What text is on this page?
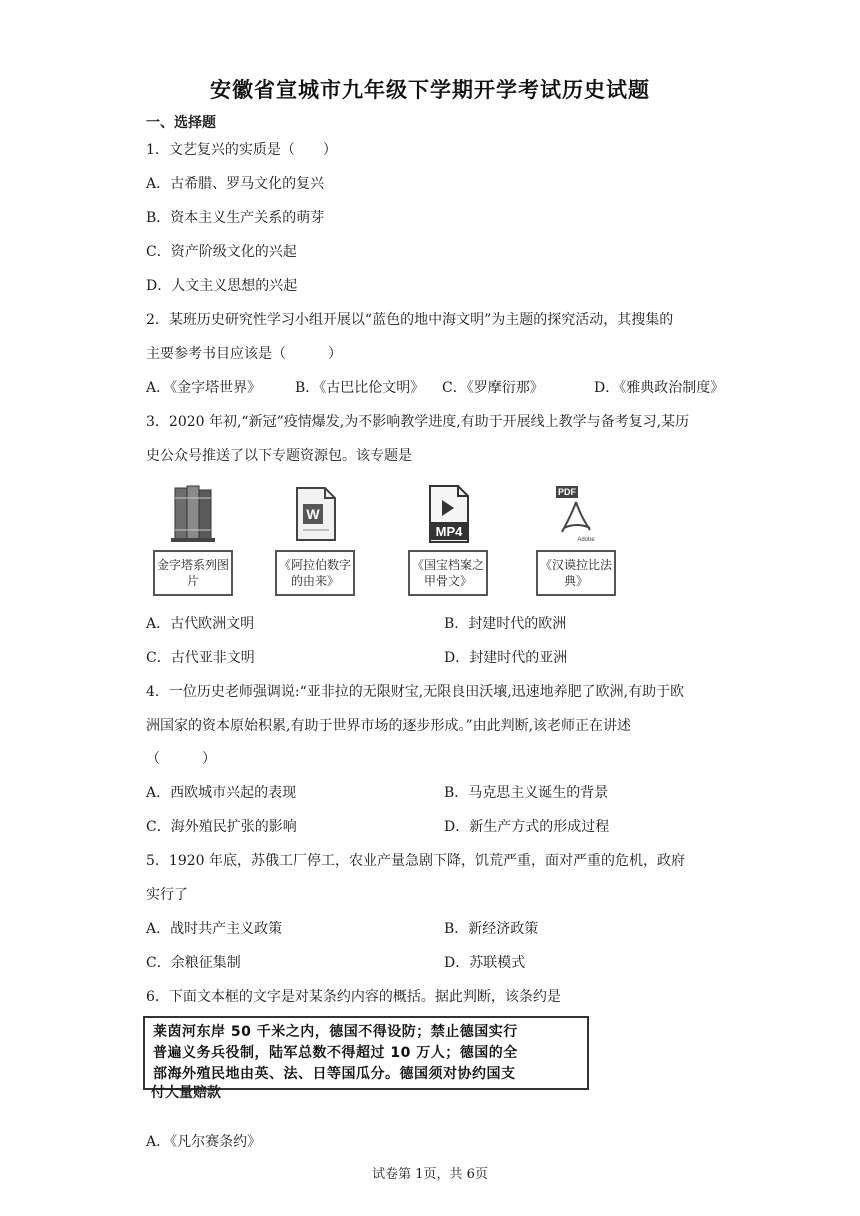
安徽省宣城市九年级下学期开学考试历史试题
一、选择题
1．文艺复兴的实质是（　　）
A．古希腊、罗马文化的复兴
B．资本主义生产关系的萌芽
C．资产阶级文化的兴起
D．人文主义思想的兴起
2．某班历史研究性学习小组开展以“蓝色的地中海文明”为主题的探究活动，其搜集的
主要参考书目应该是（　　　）
A．《金字塔世界》 B．《古巴比伦文明》 C．《罗摩衍那》	D．《雅典政治制度》
3．2020 年初,“新冠”疫情爆发,为不影响教学进度,有助于开展线上教学与备考复习,某历
史公众号推送了以下专题资源包。该专题是
金字塔系列图片
W
《阿拉伯数字的由来》
MP4
《国宝档案之甲骨文》
PDF
Adobe
《汉谟拉比法典》
A．古代欧洲文明	B．封建时代的欧洲
C．古代亚非文明	D．封建时代的亚洲
4．一位历史老师强调说:“亚非拉的无限财宝,无限良田沃壤,迅速地养肥了欧洲,有助于欧
洲国家的资本原始积累,有助于世界市场的逐步形成。”由此判断,该老师正在讲述
（　　　）
A．西欧城市兴起的表现	B．马克思主义诞生的背景
C．海外殖民扩张的影响	D．新生产方式的形成过程
5．1920 年底，苏俄工厂停工，农业产量急剧下降，饥荒严重，面对严重的危机，政府
实行了
A．战时共产主义政策	B．新经济政策
C．余粮征集制	D．苏联模式
6．下面文本框的文字是对某条约内容的概括。据此判断，该条约是
莱茵河东岸 50 千米之内，德国不得设防；禁止德国实行
普遍义务兵役制，陆军总数不得超过 10 万人；德国的全
部海外殖民地由英、法、日等国瓜分。德国须对协约国支
付大量赔款
A．《凡尔赛条约》
试卷第 1页，共 6页
